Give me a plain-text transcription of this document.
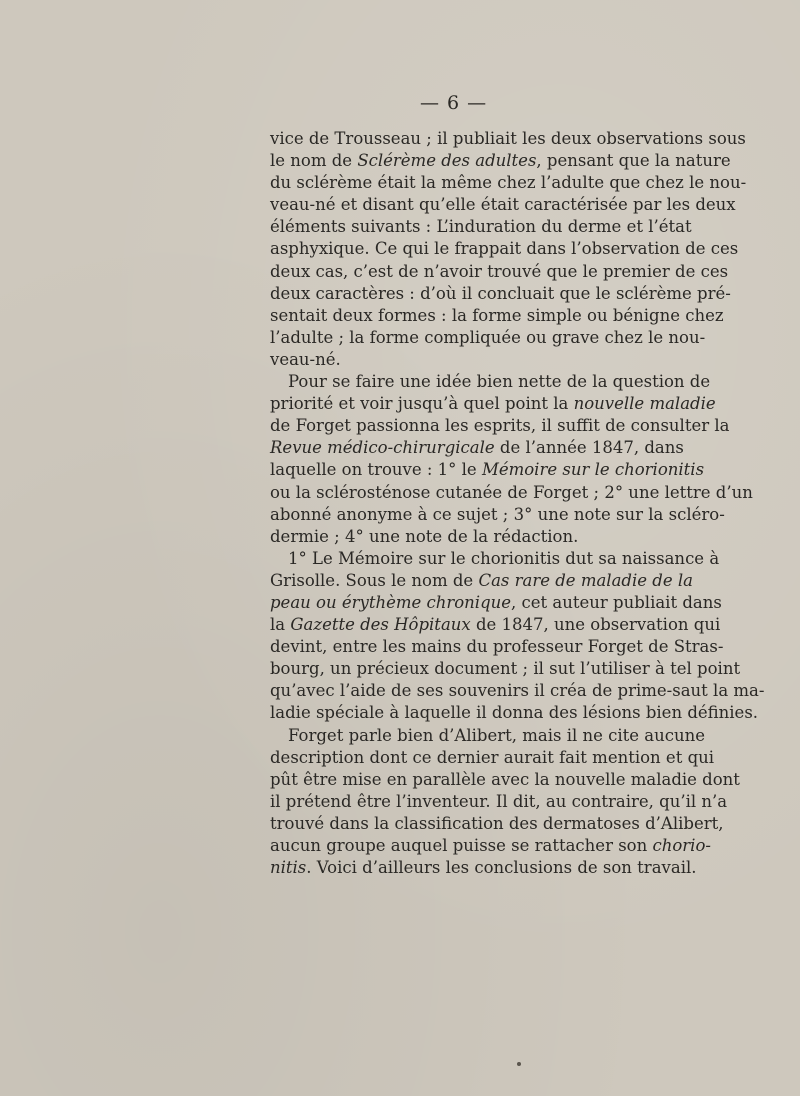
— 6 —
vice de Trousseau ; il publiait les deux observations sous
le nom de Sclérème des adultes, pensant que la nature
du sclérème était la même chez l’adulte que chez le nou-
veau-né et disant qu’elle était caractérisée par les deux
éléments suivants : L’induration du derme et l’état
asphyxique. Ce qui le frappait dans l’observation de ces
deux cas, c’est de n’avoir trouvé que le premier de ces
deux caractères : d’où il concluait que le sclérème pré-
sentait deux formes : la forme simple ou bénigne chez
l’adulte ; la forme compliquée ou grave chez le nou-
veau-né.
Pour se faire une idée bien nette de la question de
priorité et voir jusqu’à quel point la nouvelle maladie
de Forget passionna les esprits, il suffit de consulter la
Revue médico-chirurgicale de l’année 1847, dans
laquelle on trouve : 1° le Mémoire sur le chorionitis
ou la sclérosténose cutanée de Forget ; 2° une lettre d’un
abonné anonyme à ce sujet ; 3° une note sur la scléro-
dermie ; 4° une note de la rédaction.
1° Le Mémoire sur le chorionitis dut sa naissance à
Grisolle. Sous le nom de Cas rare de maladie de la
peau ou érythème chronique, cet auteur publiait dans
la Gazette des Hôpitaux de 1847, une observation qui
devint, entre les mains du professeur Forget de Stras-
bourg, un précieux document ; il sut l’utiliser à tel point
qu’avec l’aide de ses souvenirs il créa de prime-saut la ma-
ladie spéciale à laquelle il donna des lésions bien définies.
Forget parle bien d’Alibert, mais il ne cite aucune
description dont ce dernier aurait fait mention et qui
pût être mise en parallèle avec la nouvelle maladie dont
il prétend être l’inventeur. Il dit, au contraire, qu’il n’a
trouvé dans la classification des dermatoses d’Alibert,
aucun groupe auquel puisse se rattacher son chorio-
nitis. Voici d’ailleurs les conclusions de son travail.
